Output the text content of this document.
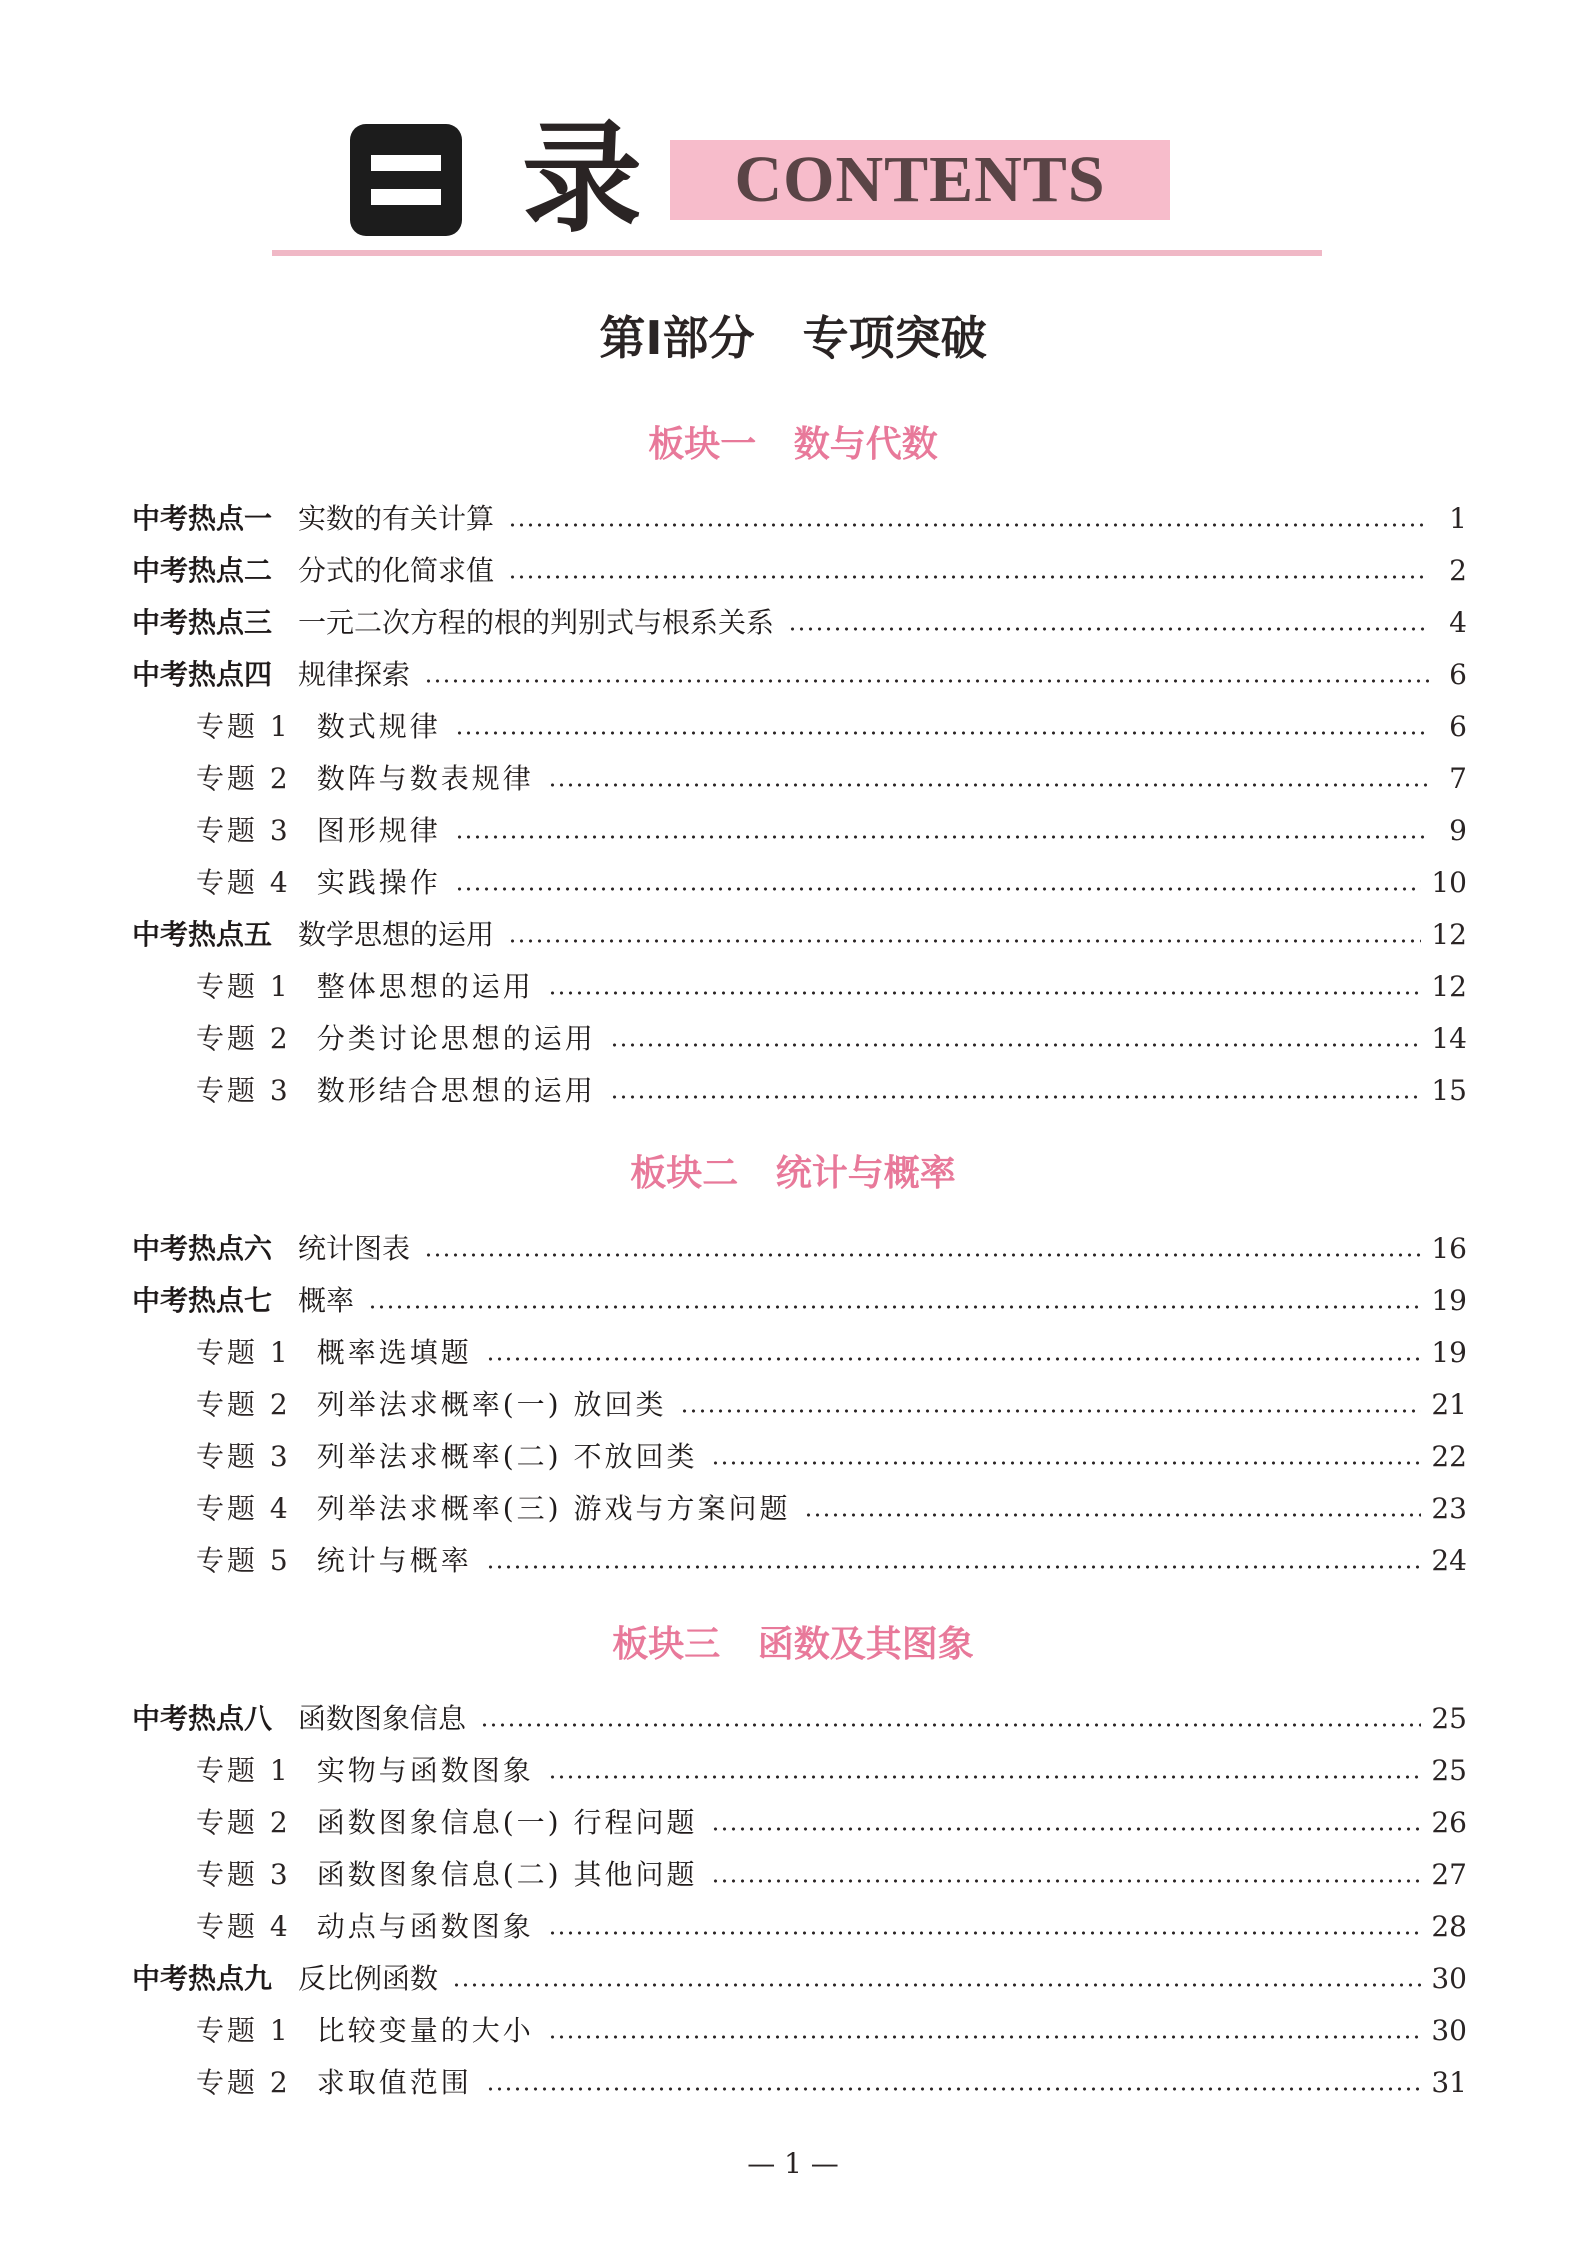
录 CONTENTS
第Ⅰ部分   专项突破
板块一   数与代数
中考热点一 实数的有关计算	1
中考热点二 分式的化简求值	2
中考热点三 一元二次方程的根的判别式与根系关系	4
中考热点四 规律探索	6
专题 1 数式规律	6
专题 2 数阵与数表规律	7
专题 3 图形规律	9
专题 4 实践操作	10
中考热点五 数学思想的运用	12
专题 1 整体思想的运用	12
专题 2 分类讨论思想的运用	14
专题 3 数形结合思想的运用	15
板块二   统计与概率
中考热点六 统计图表	16
中考热点七 概率	19
专题 1 概率选填题	19
专题 2 列举法求概率(一) 放回类	21
专题 3 列举法求概率(二) 不放回类	22
专题 4 列举法求概率(三) 游戏与方案问题	23
专题 5 统计与概率	24
板块三   函数及其图象
中考热点八 函数图象信息	25
专题 1 实物与函数图象	25
专题 2 函数图象信息(一) 行程问题	26
专题 3 函数图象信息(二) 其他问题	27
专题 4 动点与函数图象	28
中考热点九 反比例函数	30
专题 1 比较变量的大小	30
专题 2 求取值范围	31
— 1 —
